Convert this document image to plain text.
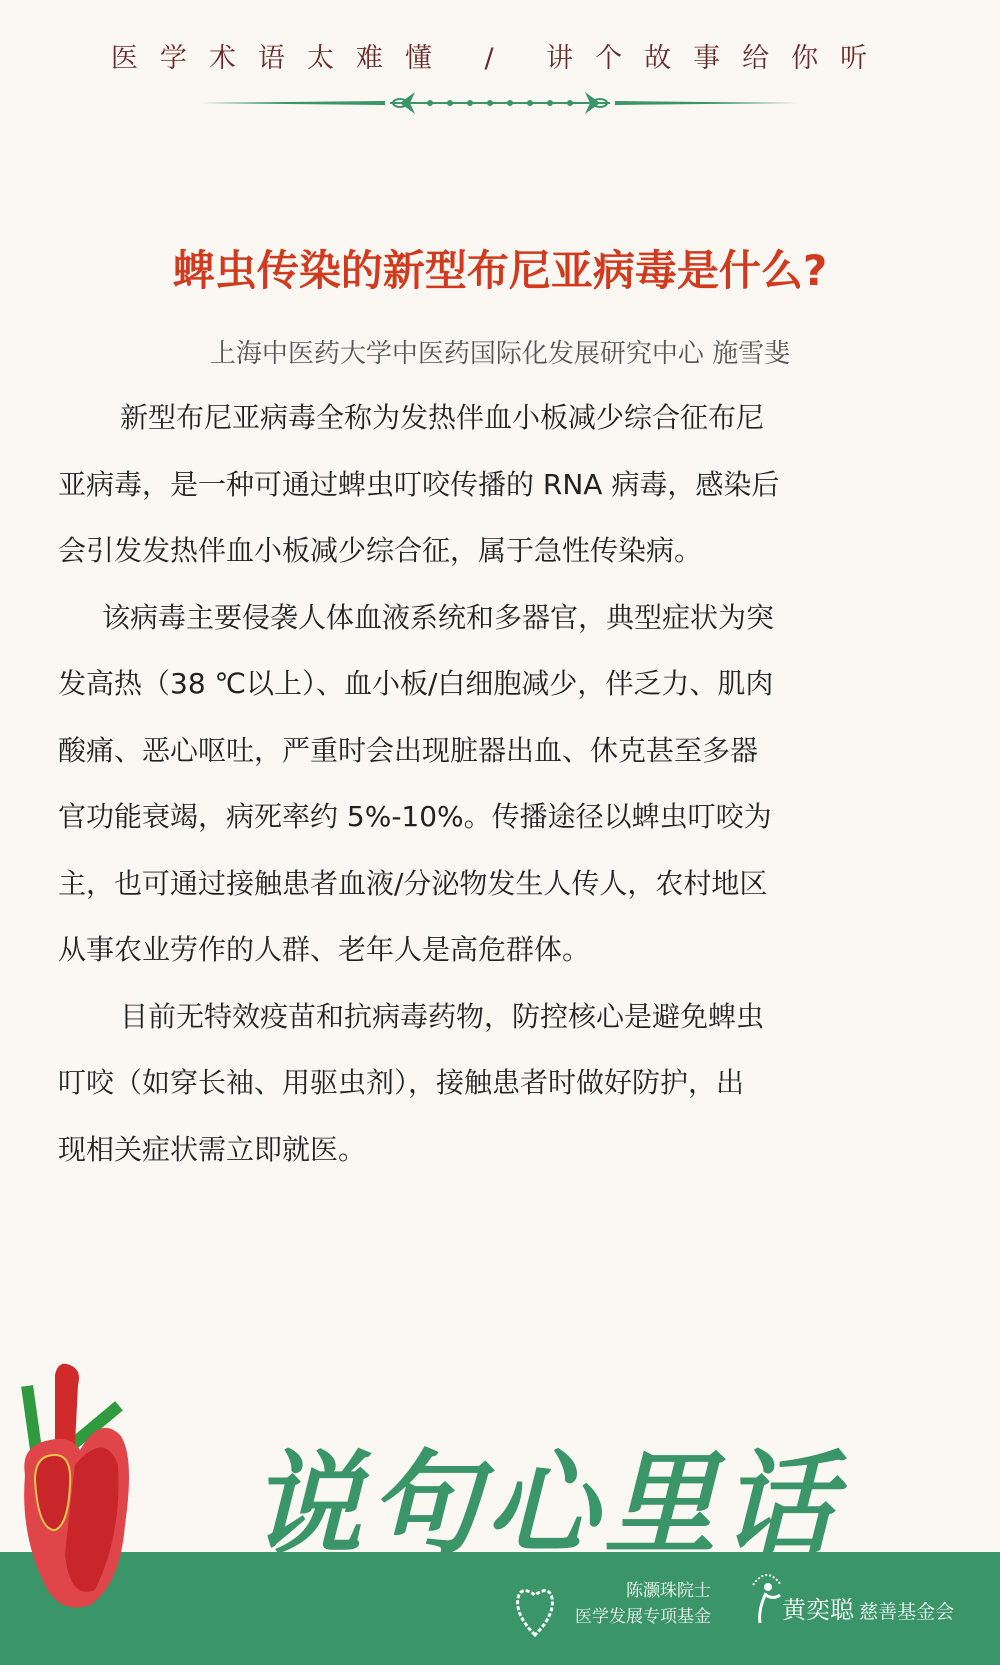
医学术语太难懂 / 讲个故事给你听
蜱虫传染的新型布尼亚病毒是什么?
上海中医药大学中医药国际化发展研究中心 施雪斐
新型布尼亚病毒全称为发热伴血小板减少综合征布尼
亚病毒，是一种可通过蜱虫叮咬传播的 RNA 病毒，感染后
会引发发热伴血小板减少综合征，属于急性传染病。
该病毒主要侵袭人体血液系统和多器官，典型症状为突
发高热（38 ℃以上）、血小板/白细胞减少，伴乏力、肌肉
酸痛、恶心呕吐，严重时会出现脏器出血、休克甚至多器
官功能衰竭，病死率约 5%-10%。传播途径以蜱虫叮咬为
主，也可通过接触患者血液/分泌物发生人传人，农村地区
从事农业劳作的人群、老年人是高危群体。
目前无特效疫苗和抗病毒药物，防控核心是避免蜱虫
叮咬（如穿长袖、用驱虫剂），接触患者时做好防护，出
现相关症状需立即就医。
说句心里话
陈灏珠院士
医学发展专项基金	黄奕聪 慈善基金会
